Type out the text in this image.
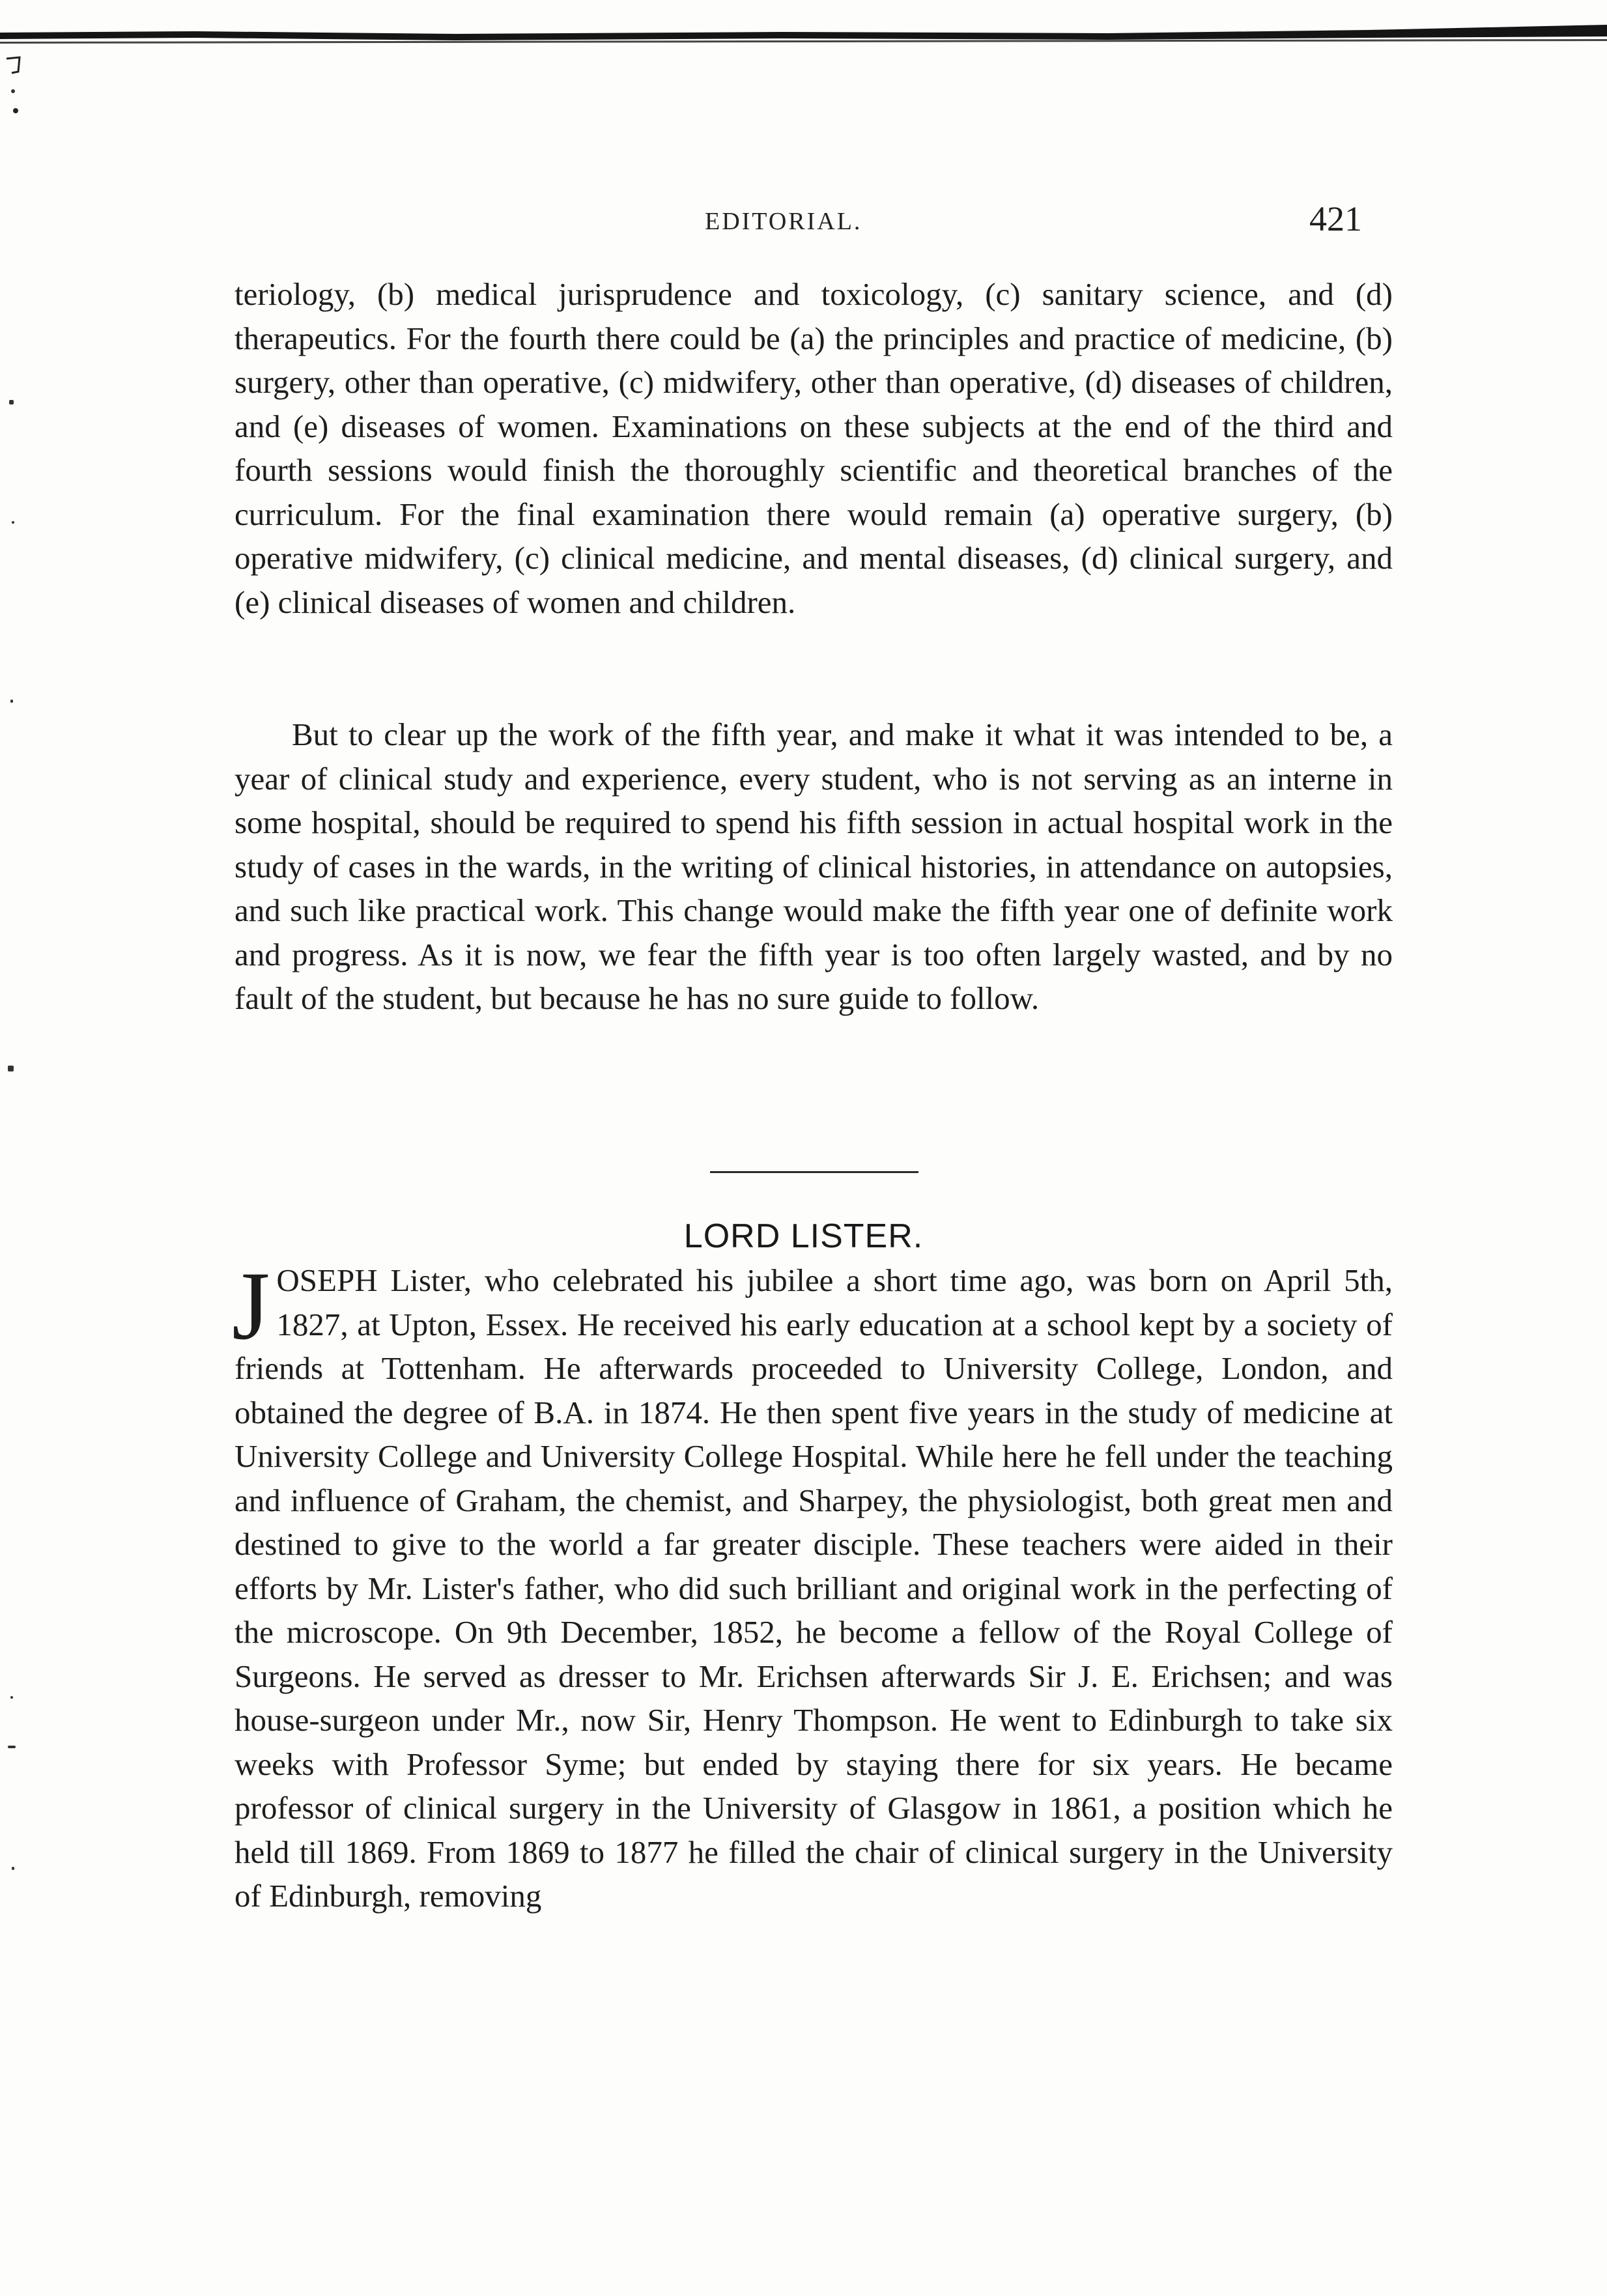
EDITORIAL.	421

teriology, (b) medical jurisprudence and toxicology, (c) sanitary science, and (d) therapeutics. For the fourth there could be (a) the principles and practice of medicine, (b) surgery, other than operative, (c) midwifery, other than operative, (d) diseases of children, and (e) diseases of women. Examinations on these subjects at the end of the third and fourth sessions would finish the thoroughly scientific and theoretical branches of the curriculum. For the final examination there would remain (a) operative surgery, (b) operative midwifery, (c) clinical medicine, and mental diseases, (d) clinical surgery, and (e) clinical diseases of women and children.

But to clear up the work of the fifth year, and make it what it was intended to be, a year of clinical study and experience, every student, who is not serving as an interne in some hospital, should be required to spend his fifth session in actual hospital work in the study of cases in the wards, in the writing of clinical histories, in attendance on autopsies, and such like practical work. This change would make the fifth year one of definite work and progress. As it is now, we fear the fifth year is too often largely wasted, and by no fault of the student, but because he has no sure guide to follow.

LORD LISTER.
J OSEPH Lister, who celebrated his jubilee a short time ago, was born on April 5th, 1827, at Upton, Essex. He received his early education at a school kept by a society of friends at Tottenham. He afterwards proceeded to University College, London, and obtained the degree of B.A. in 1874. He then spent five years in the study of medicine at University College and University College Hospital. While here he fell under the teaching and influence of Graham, the chemist, and Sharpey, the physiologist, both great men and destined to give to the world a far greater disciple. These teachers were aided in their efforts by Mr. Lister's father, who did such brilliant and original work in the perfecting of the microscope. On 9th December, 1852, he become a fellow of the Royal College of Surgeons. He served as dresser to Mr. Erichsen afterwards Sir J. E. Erichsen; and was house-surgeon under Mr., now Sir, Henry Thompson. He went to Edinburgh to take six weeks with Professor Syme; but ended by staying there for six years. He became professor of clinical surgery in the University of Glasgow in 1861, a position which he held till 1869. From 1869 to 1877 he filled the chair of clinical surgery in the University of Edinburgh, removing
